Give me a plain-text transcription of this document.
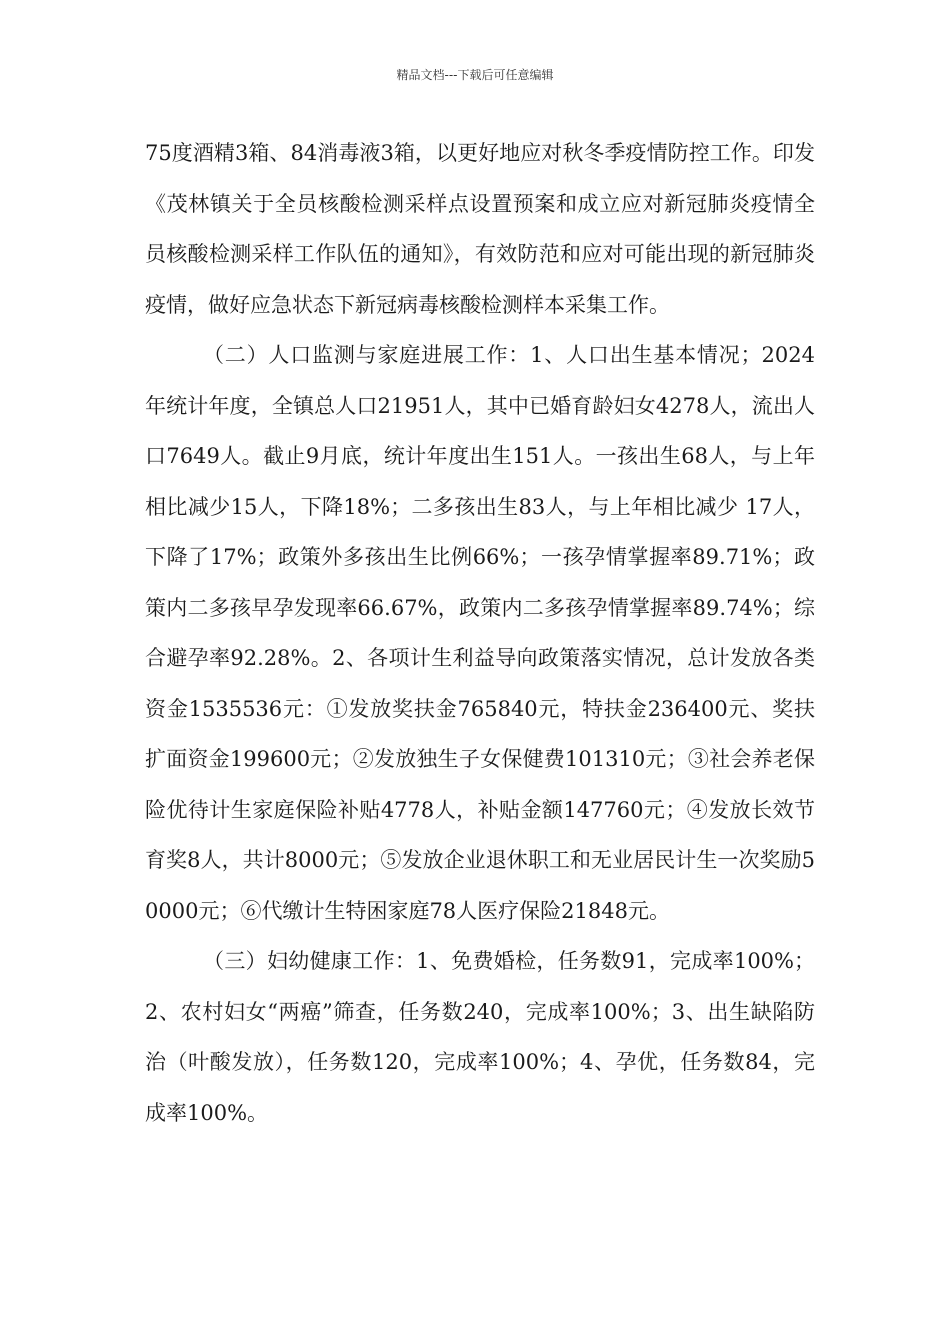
精品文档---下载后可任意编辑

75度酒精3箱、84消毒液3箱，以更好地应对秋冬季疫情防控工作。印发《茂林镇关于全员核酸检测采样点设置预案和成立应对新冠肺炎疫情全员核酸检测采样工作队伍的通知》，有效防范和应对可能出现的新冠肺炎疫情，做好应急状态下新冠病毒核酸检测样本采集工作。

（二）人口监测与家庭进展工作：1、人口出生基本情况；2024年统计年度，全镇总人口21951人，其中已婚育龄妇女4278人，流出人口7649人。截止9月底，统计年度出生151人。一孩出生68人，与上年相比减少15人，下降18%；二多孩出生83人，与上年相比减少 17人，下降了17%；政策外多孩出生比例66%；一孩孕情掌握率89.71%；政策内二多孩早孕发现率66.67%，政策内二多孩孕情掌握率89.74%；综合避孕率92.28%。2、各项计生利益导向政策落实情况，总计发放各类资金1535536元：①发放奖扶金765840元，特扶金236400元、奖扶扩面资金199600元；②发放独生子女保健费101310元；③社会养老保险优待计生家庭保险补贴4778人，补贴金额147760元；④发放长效节育奖8人，共计8000元；⑤发放企业退休职工和无业居民计生一次奖励50000元；⑥代缴计生特困家庭78人医疗保险21848元。

（三）妇幼健康工作：1、免费婚检，任务数91，完成率100%；2、农村妇女“两癌”筛查，任务数240，完成率100%；3、出生缺陷防治（叶酸发放），任务数120，完成率100%；4、孕优，任务数84，完成率100%。
